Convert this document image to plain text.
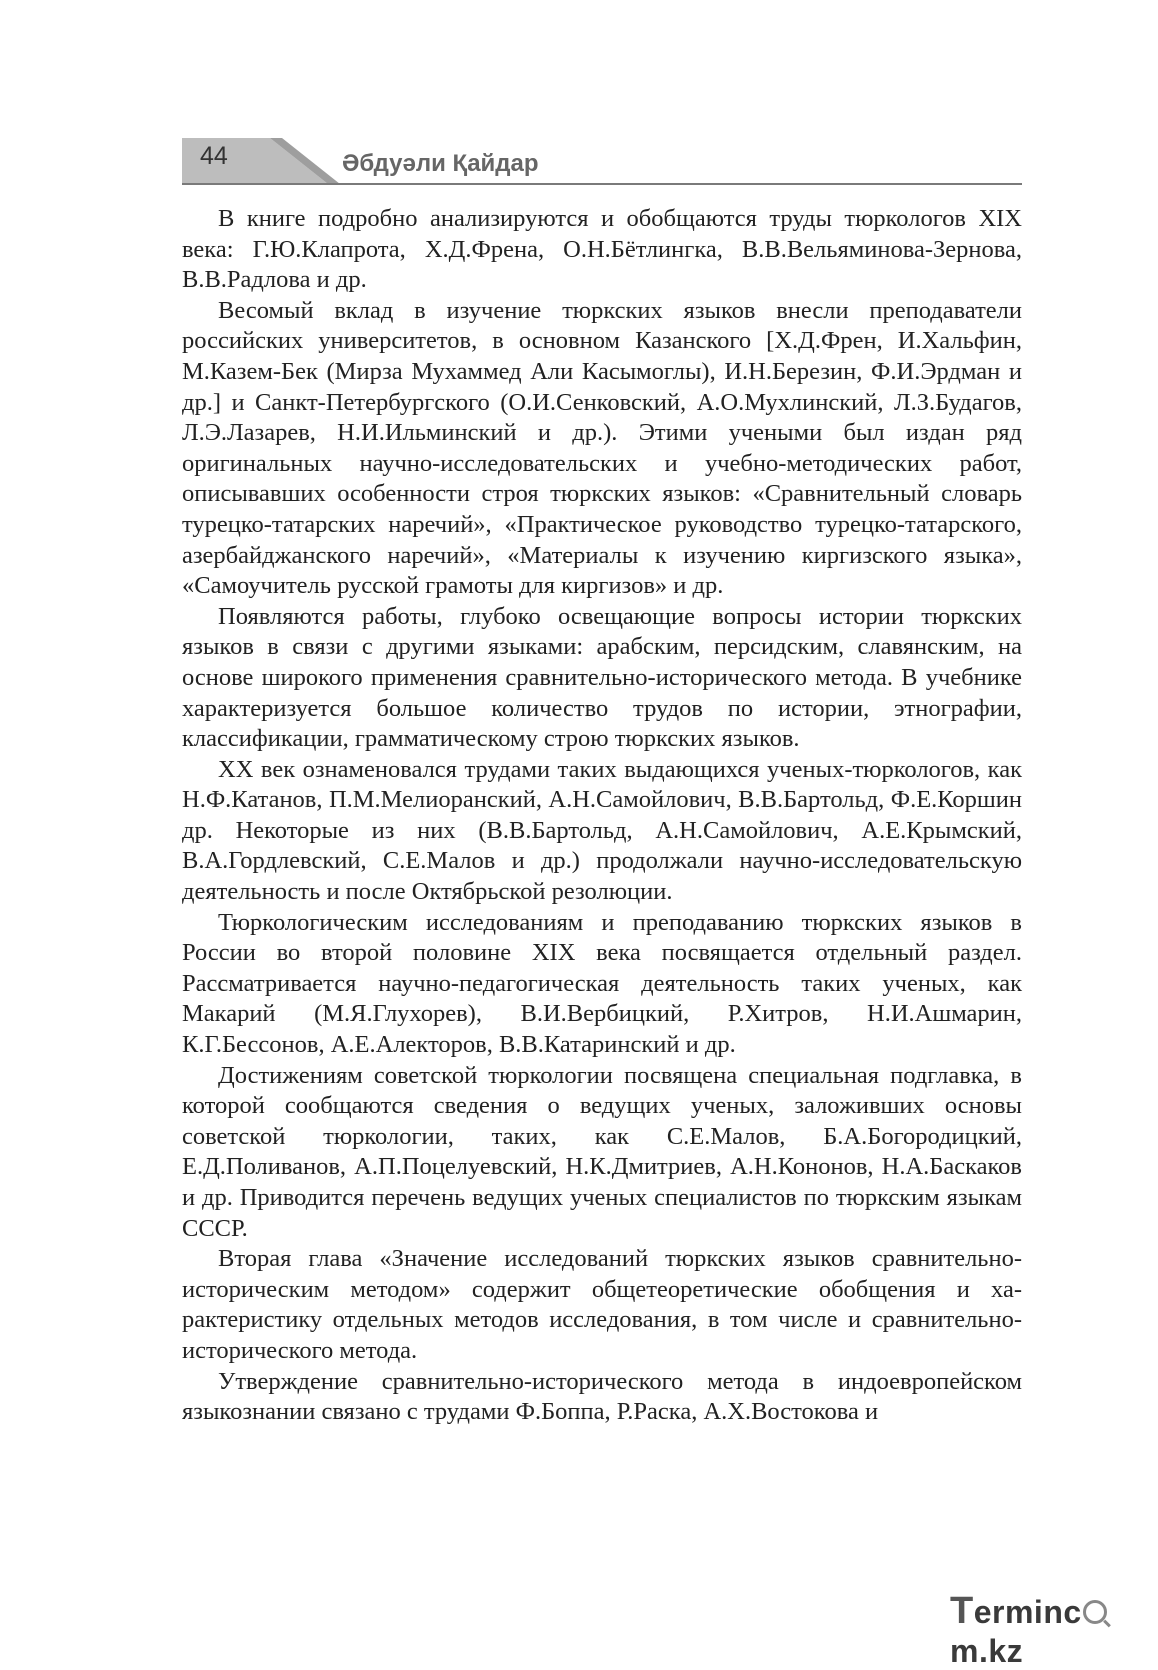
44	Әбдуәли Қайдар

В книге подробно анализируются и обобщаются труды тюркологов XIX века: Г.Ю.Клапрота, Х.Д.Френа, О.Н.Бётлингка, В.В.Вельяминова-Зернова, В.В.Радлова и др.

Весомый вклад в изучение тюркских языков внесли преподаватели российских университетов, в основном Казанского [Х.Д.Френ, И.Хальфин, М.Казем-Бек (Мирза Мухаммед Али Касымоглы), И.Н.Березин, Ф.И.Эрдман и др.] и Санкт-Петербургского (О.И.Сенковский, А.О.Мухлинский, Л.З.Будагов, Л.Э.Лазарев, Н.И.Ильминский и др.). Этими учеными был издан ряд оригинальных научно-исследовательских и учебно-методических работ, описывавших особенности строя тюркских языков: «Сравнительный словарь турецко-татарских наречий», «Практическое руководство турецко-татарского, азербайджанского наречий», «Материалы к изучению киргизского языка», «Самоучитель русской грамоты для киргизов» и др.

Появляются работы, глубоко освещающие вопросы истории тюркских языков в связи с другими языками: арабским, персидским, славянским, на основе широкого применения сравнительно-исторического метода. В учебнике характеризуется большое количество трудов по истории, этнографии, классификации, грамматическому строю тюркских языков.

XX век ознаменовался трудами таких выдающихся ученых-тюркологов, как Н.Ф.Катанов, П.М.Мелиоранский, А.Н.Самойлович, В.В.Бартольд, Ф.Е.Коршин др. Некоторые из них (В.В.Бартольд, А.Н.Самойлович, А.Е.Крымский, В.А.Гордлевский, С.Е.Малов и др.) продолжали научно-исследовательскую деятельность и после Октябрьской резолюции.

Тюркологическим исследованиям и преподаванию тюркских языков в России во второй половине XIX века посвящается отдельный раздел. Рассматривается научно-педагогическая деятельность таких ученых, как Макарий (М.Я.Глухорев), В.И.Вербицкий, Р.Хитров, Н.И.Ашмарин, К.Г.Бессонов, А.Е.Алекторов, В.В.Катаринский и др.

Достижениям советской тюркологии посвящена специальная подглавка, в которой сообщаются сведения о ведущих ученых, заложивших основы советской тюркологии, таких, как С.Е.Малов, Б.А.Богородицкий, Е.Д.Поливанов, А.П.Поцелуевский, Н.К.Дмитриев, А.Н.Кононов, Н.А.Баскаков и др. Приводится перечень ведущих ученых специалистов по тюркским языкам СССР.

Вторая глава «Значение исследований тюркских языков сравнительно-историческим методом» содержит общетеоретические обобщения и характеристику отдельных методов исследования, в том числе и сравнительно-исторического метода.

Утверждение сравнительно-исторического метода в индоевропейском языкознании связано с трудами Ф.Боппа, Р.Раска, А.Х.Востокова и

Termincm.kz
